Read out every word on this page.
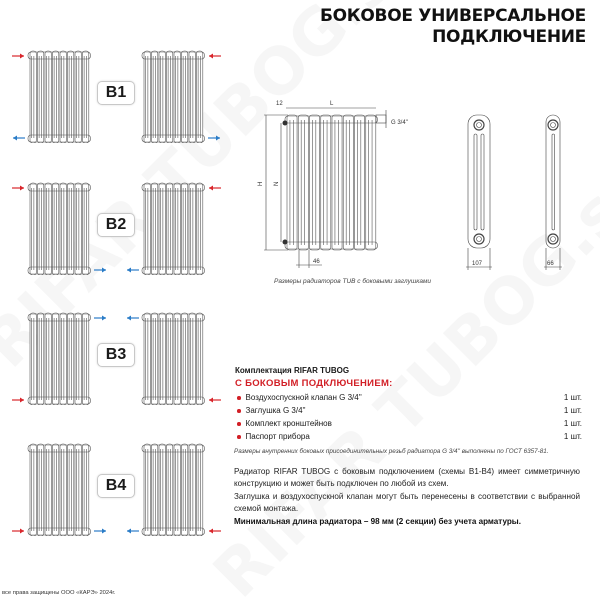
БОКОВОЕ УНИВЕРСАЛЬНОЕ
ПОДКЛЮЧЕНИЕ
B1
B2
B3
B4
L
12
H N
46
G 3/4''
107	66
Размеры радиаторов TUB с боковыми заглушками
Комплектация RIFAR TUBOG
С БОКОВЫМ ПОДКЛЮЧЕНИЕМ:
Воздухоспускной клапан G 3/4''	1 шт.
Заглушка G 3/4''	1 шт.
Комплект кронштейнов	1 шт.
Паспорт прибора	1 шт.
Размеры внутренних боковых присоединительных резьб радиатора G 3/4'' выполнены по ГОСТ 6357-81.
Радиатор RIFAR TUBOG с боковым подключением (схемы В1-В4) имеет симметричную конструкцию и может быть подключен по любой из схем.
Заглушка и воздухоспускной клапан могут быть перенесены в соответствии с выбранной схемой монтажа.
Минимальная длина радиатора – 98 мм (2 секции) без учета арматуры.
все права защищены ООО «КАРЭ» 2024г.
